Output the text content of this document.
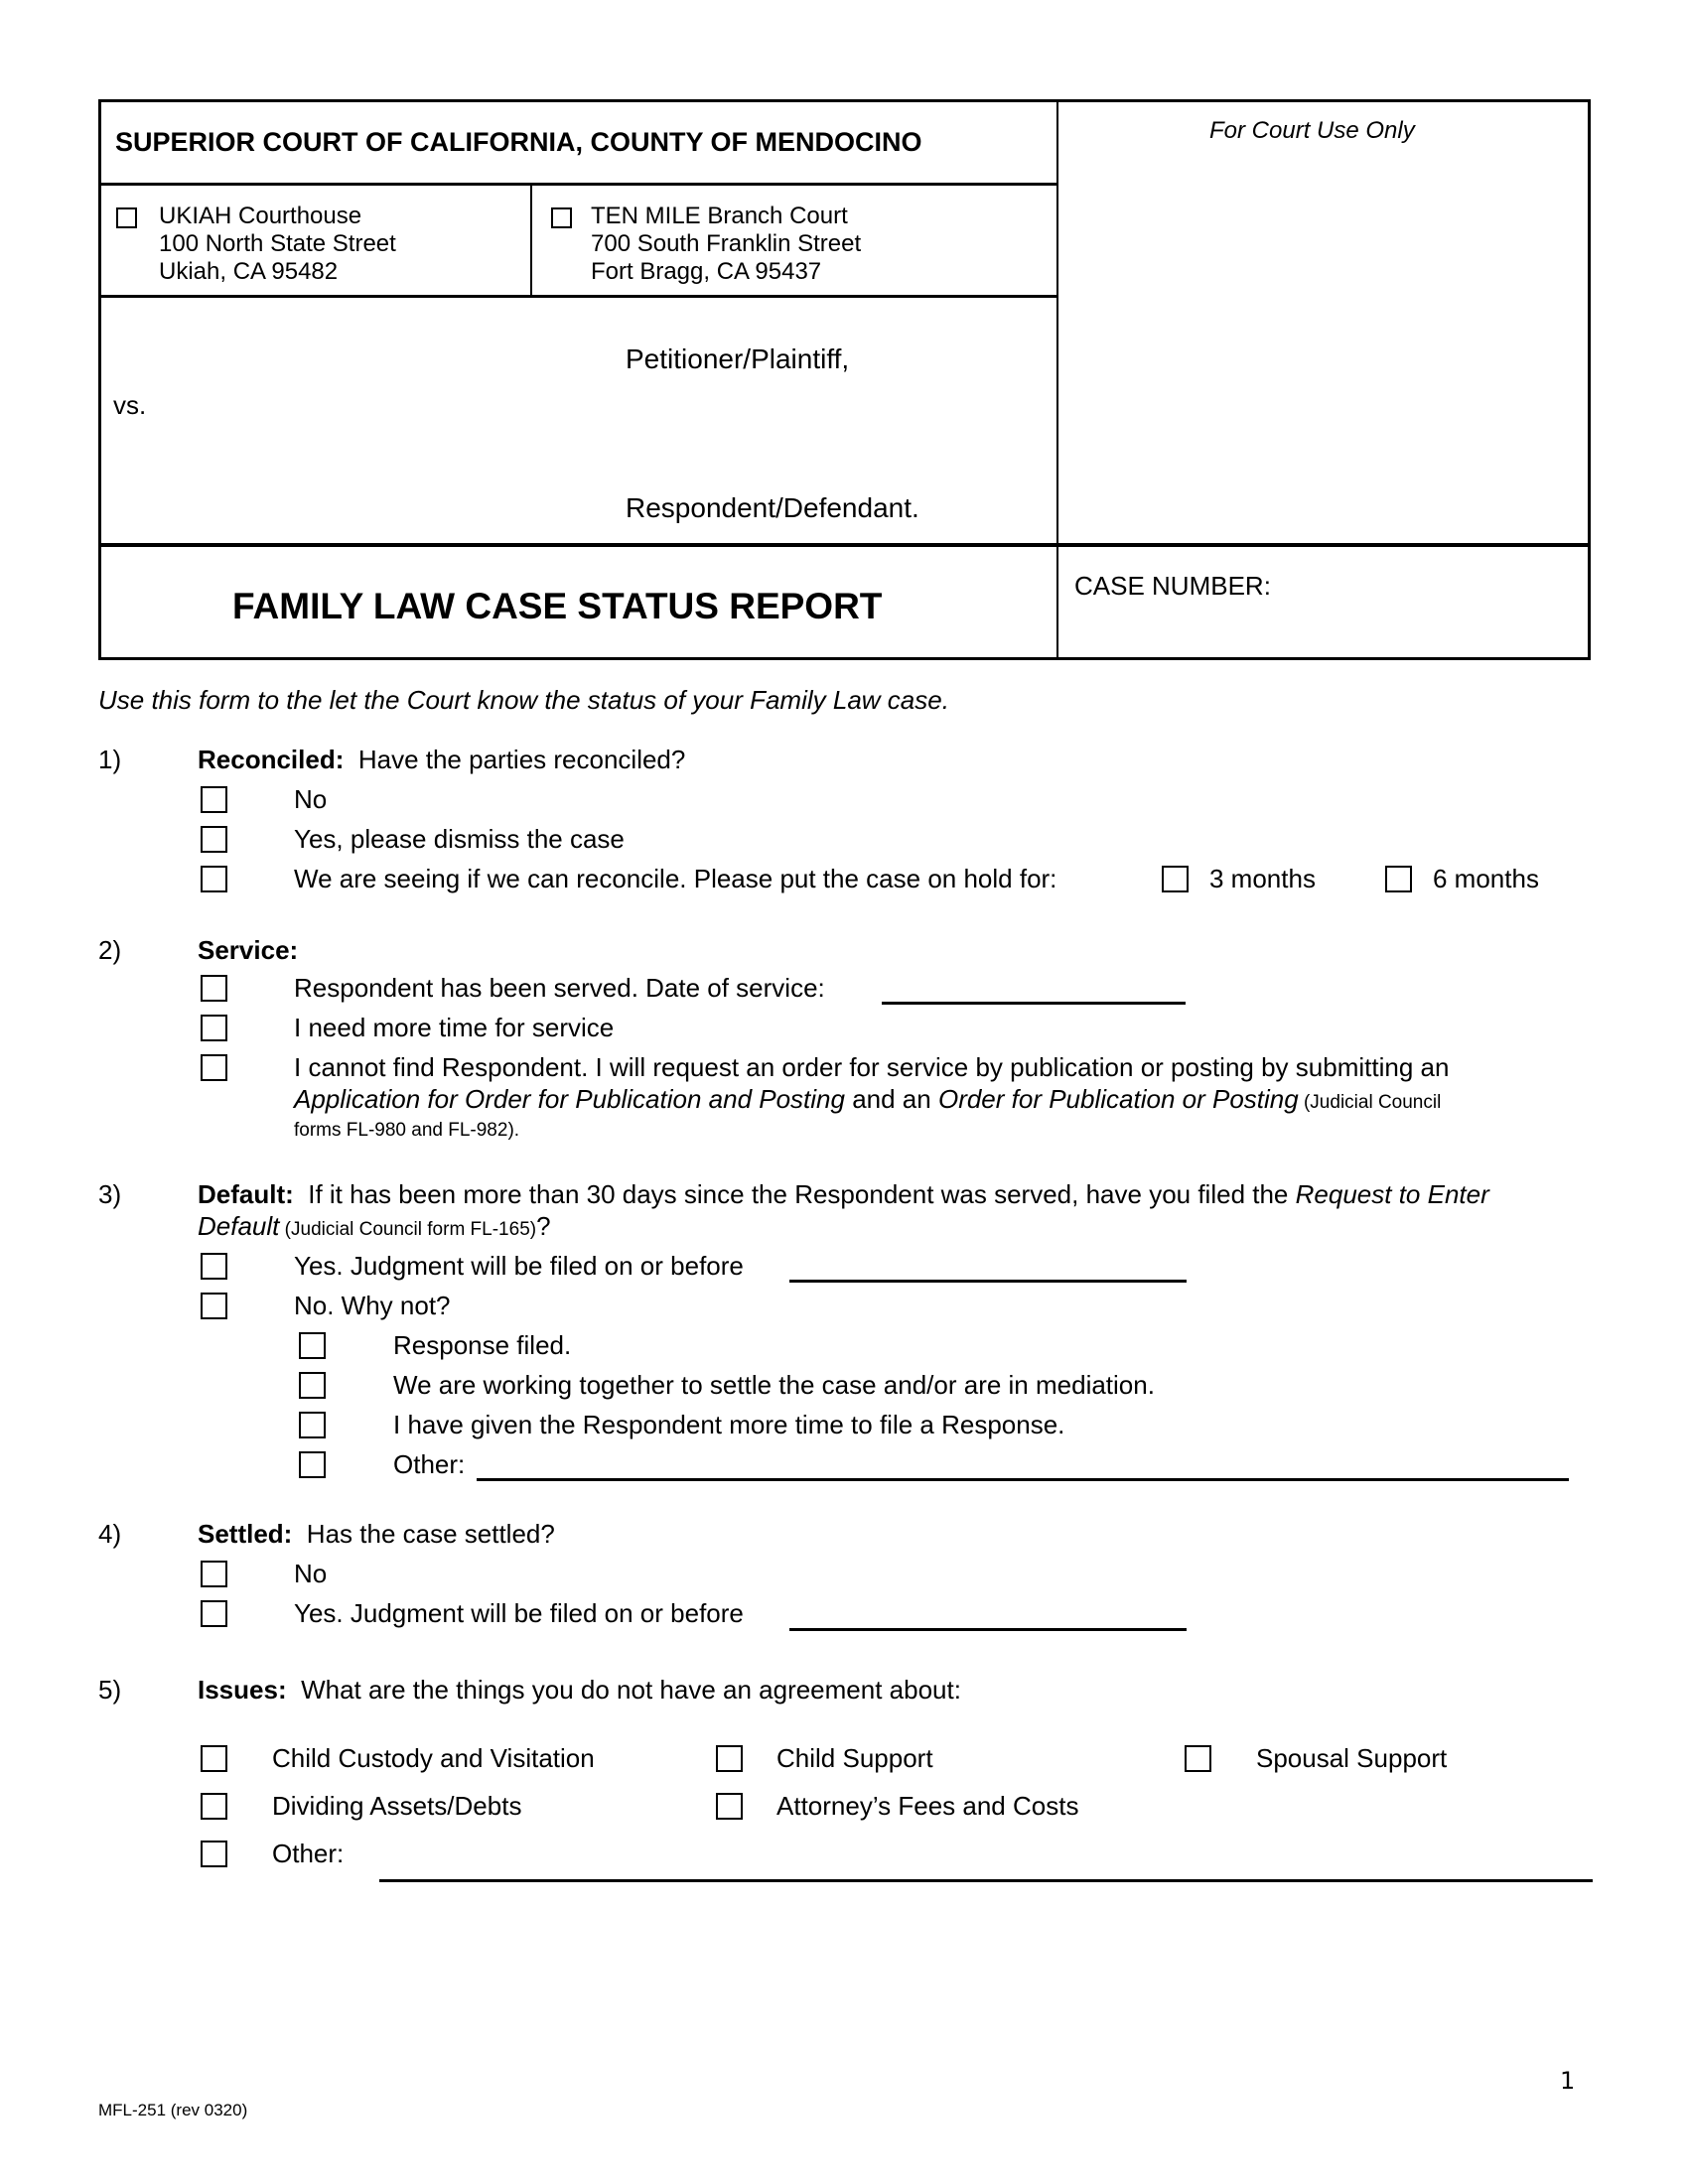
SUPERIOR COURT OF CALIFORNIA, COUNTY OF MENDOCINO	For Court Use Only
UKIAH Courthouse
100 North State Street
Ukiah, CA 95482
TEN MILE Branch Court
700 South Franklin Street
Fort Bragg, CA 95437
Petitioner/Plaintiff,
vs.
Respondent/Defendant.
FAMILY LAW CASE STATUS REPORT	CASE NUMBER:
Use this form to the let the Court know the status of your Family Law case.
1)	Reconciled: Have the parties reconciled?
No
Yes, please dismiss the case
We are seeing if we can reconcile. Please put the case on hold for:	3 months	6 months
2)	Service:
Respondent has been served. Date of service:
I need more time for service
I cannot find Respondent. I will request an order for service by publication or posting by submitting an
Application for Order for Publication and Posting and an Order for Publication or Posting (Judicial Council
forms FL-980 and FL-982).
3)	Default: If it has been more than 30 days since the Respondent was served, have you filed the Request to Enter
Default (Judicial Council form FL-165)?
Yes. Judgment will be filed on or before
No. Why not?
Response filed.
We are working together to settle the case and/or are in mediation.
I have given the Respondent more time to file a Response.
Other:
4)	Settled: Has the case settled?
No
Yes. Judgment will be filed on or before
5)	Issues: What are the things you do not have an agreement about:
Child Custody and Visitation	Child Support	Spousal Support
Dividing Assets/Debts	Attorney’s Fees and Costs
Other:
MFL-251 (rev 0320)
1
